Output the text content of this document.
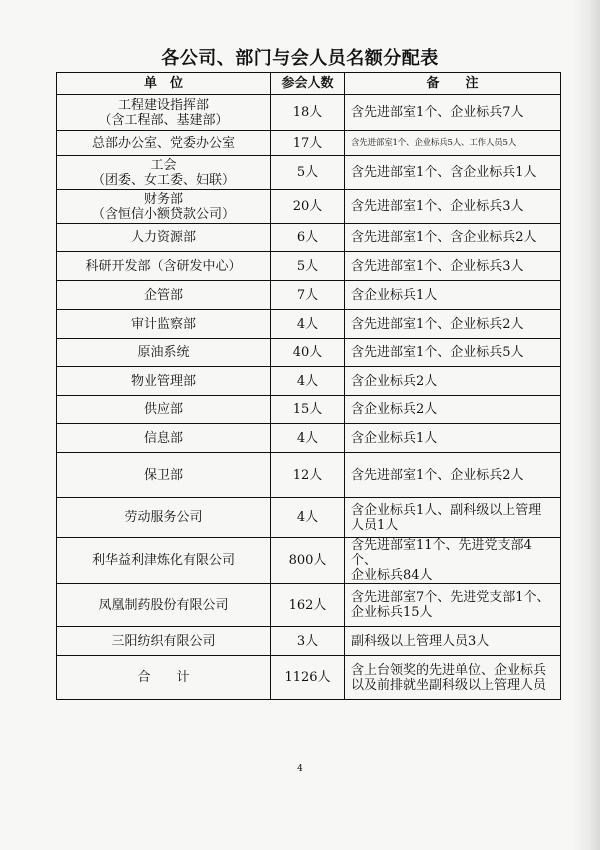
各公司、部门与会人员名额分配表
单　位	参会人数	备　　注

工程建设指挥部
（含工程部、基建部）	18人	含先进部室1个、企业标兵7人

总部办公室、党委办公室	17人	含先进部室1个、企业标兵5人、工作人员5人

工会
（团委、女工委、妇联）	5人	含先进部室1个、含企业标兵1人

财务部
（含恒信小额贷款公司）	20人	含先进部室1个、企业标兵3人

人力资源部	6人	含先进部室1个、含企业标兵2人

科研开发部（含研发中心）	5人	含先进部室1个、企业标兵3人

企管部	7人	含企业标兵1人

审计监察部	4人	含先进部室1个、企业标兵2人

原油系统	40人	含先进部室1个、企业标兵5人

物业管理部	4人	含企业标兵2人

供应部	15人	含企业标兵2人

信息部	4人	含企业标兵1人

保卫部	12人	含先进部室1个、企业标兵2人

劳动服务公司	4人	含企业标兵1人、副科级以上管理
人员1人

利华益利津炼化有限公司	800人	含先进部室11个、先进党支部4个、
企业标兵84人

凤凰制药股份有限公司	162人	含先进部室7个、先进党支部1个、
企业标兵15人

三阳纺织有限公司	3人	副科级以上管理人员3人

合　　计	1126人	含上台领奖的先进单位、企业标兵
以及前排就坐副科级以上管理人员
4
